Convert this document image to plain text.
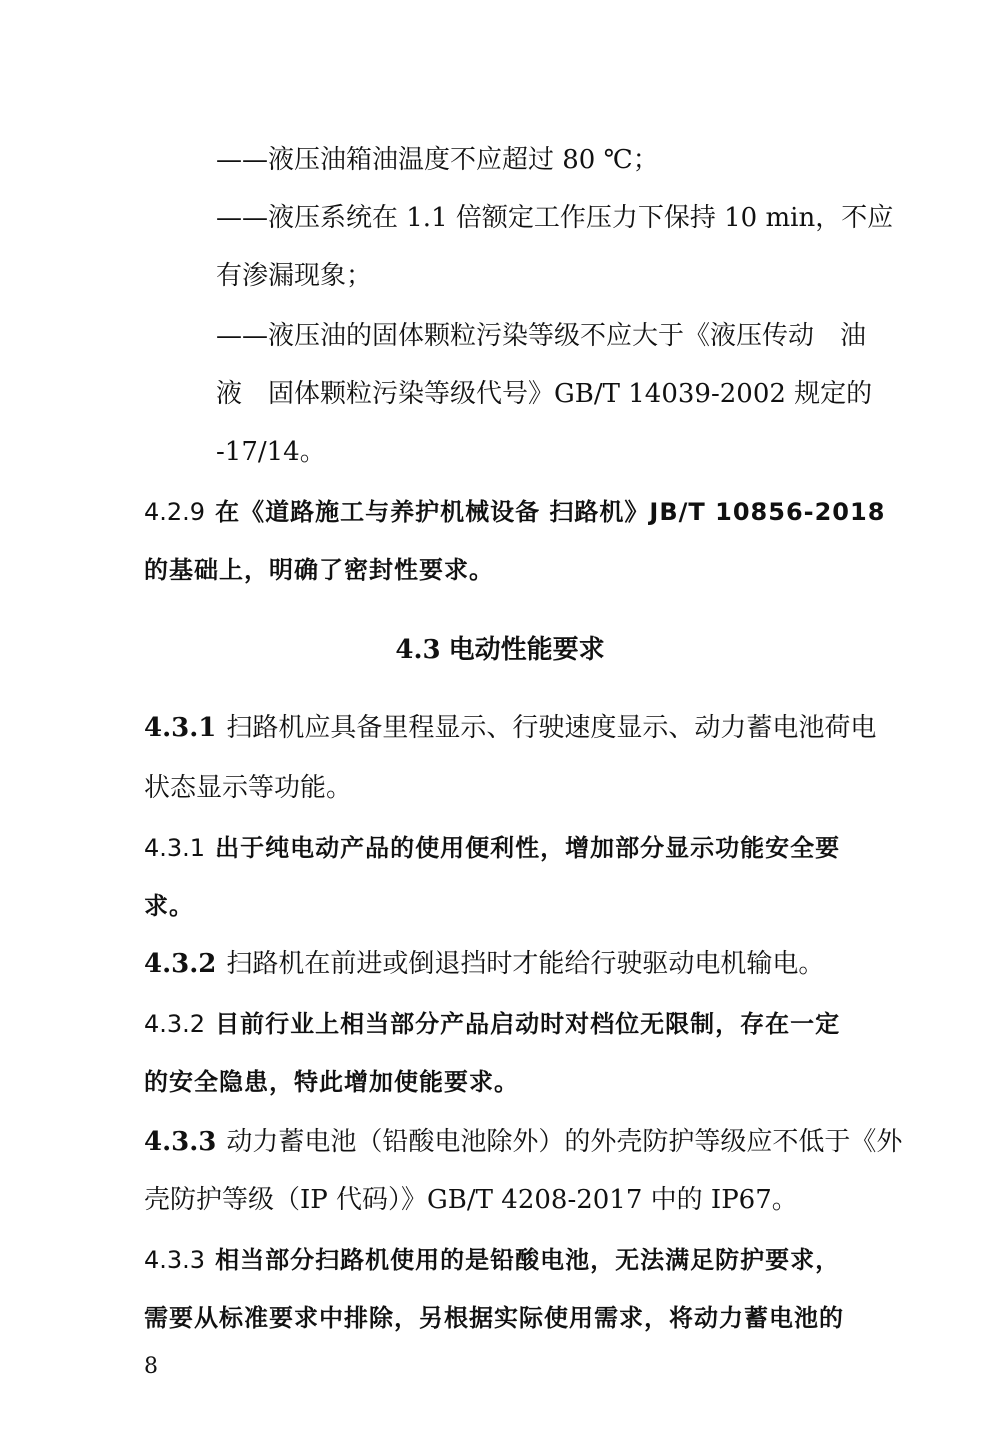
——液压油箱油温度不应超过 80 ℃；
——液压系统在 1.1 倍额定工作压力下保持 10 min，不应
有渗漏现象；
——液压油的固体颗粒污染等级不应大于《液压传动　油
液　固体颗粒污染等级代号》GB/T 14039-2002 规定的
-17/14。
4.2.9 在《道路施工与养护机械设备 扫路机》JB/T 10856-2018
的基础上，明确了密封性要求。
4.3 电动性能要求
4.3.1 扫路机应具备里程显示、行驶速度显示、动力蓄电池荷电
状态显示等功能。
4.3.1 出于纯电动产品的使用便利性，增加部分显示功能安全要
求。
4.3.2 扫路机在前进或倒退挡时才能给行驶驱动电机输电。
4.3.2 目前行业上相当部分产品启动时对档位无限制，存在一定
的安全隐患，特此增加使能要求。
4.3.3 动力蓄电池（铅酸电池除外）的外壳防护等级应不低于《外
壳防护等级（IP 代码）》GB/T 4208-2017 中的 IP67。
4.3.3 相当部分扫路机使用的是铅酸电池，无法满足防护要求，
需要从标准要求中排除，另根据实际使用需求，将动力蓄电池的
8
